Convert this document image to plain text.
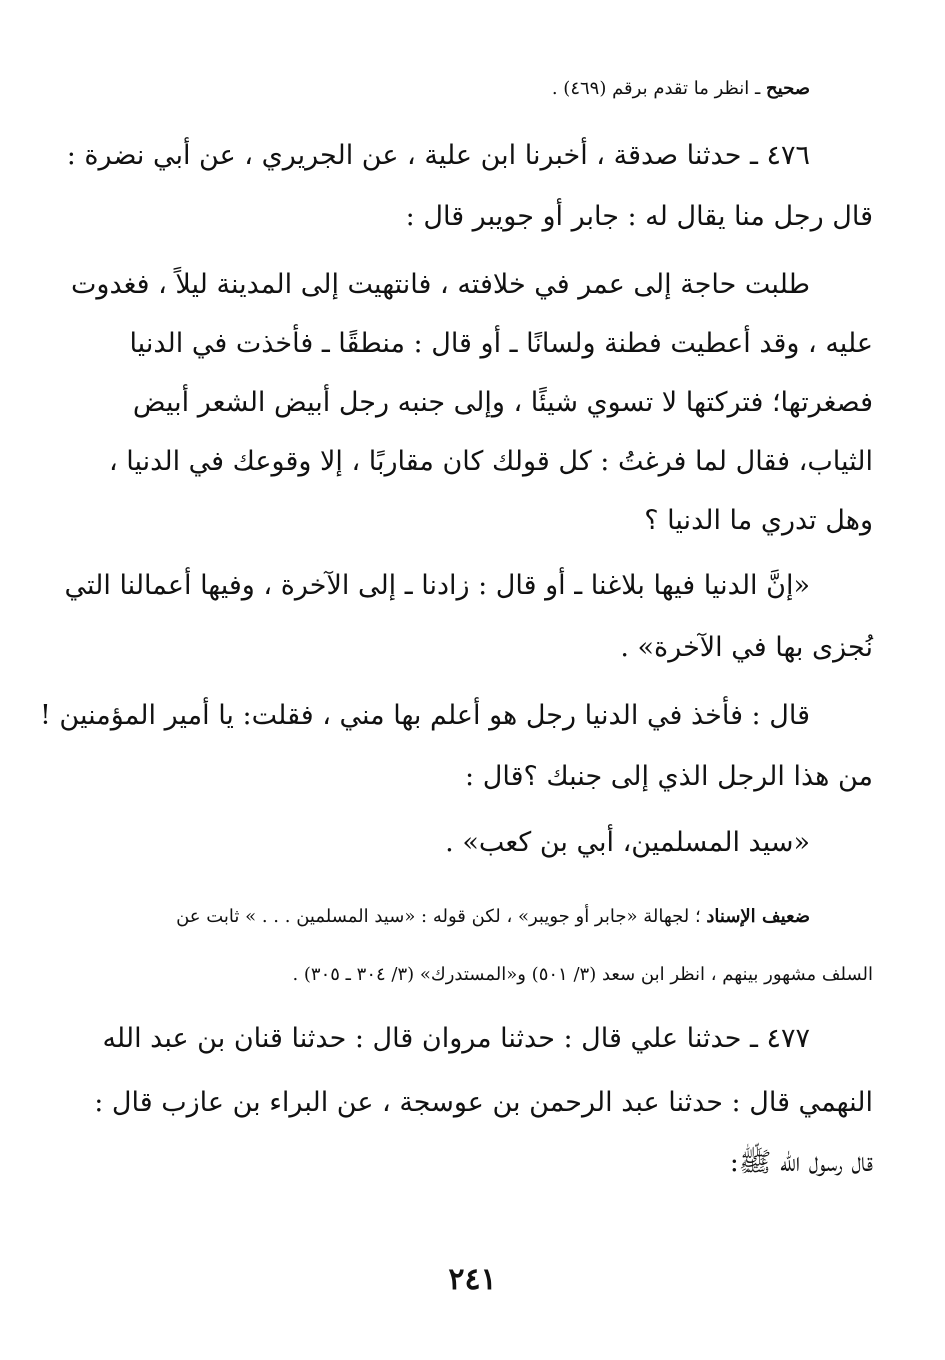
صحيح ـ انظر ما تقدم برقم (٤٦٩) .
٤٧٦ ـ حدثنا صدقة ، أخبرنا ابن علية ، عن الجريري ، عن أبي نضرة :
قال رجل منا يقال له : جابر أو جويبر قال :
طلبت حاجة إلى عمر في خلافته ، فانتهيت إلى المدينة ليلاً ، فغدوت
عليه ، وقد أعطيت فطنة ولسانًا ـ أو قال : منطقًا ـ فأخذت في الدنيا
فصغرتها؛ فتركتها لا تسوي شيئًا ، وإلى جنبه رجل أبيض الشعر أبيض
الثياب، فقال لما فرغتُ : كل قولك كان مقاربًا ، إلا وقوعك في الدنيا ،
وهل تدري ما الدنيا ؟
«إنَّ الدنيا فيها بلاغنا ـ أو قال : زادنا ـ إلى الآخرة ، وفيها أعمالنا التي
نُجزى بها في الآخرة» .
قال : فأخذ في الدنيا رجل هو أعلم بها مني ، فقلت: يا أمير المؤمنين !
من هذا الرجل الذي إلى جنبك ؟قال :
«سيد المسلمين، أبي بن كعب» .
ضعيف الإسناد ؛ لجهالة «جابر أو جويبر» ، لكن قوله : «سيد المسلمين . . . » ثابت عن
السلف مشهور بينهم ، انظر ابن سعد (٣/ ٥٠١) و«المستدرك» (٣/ ٣٠٤ ـ ٣٠٥) .
٤٧٧ ـ حدثنا علي قال : حدثنا مروان قال : حدثنا قنان بن عبد الله
النهمي قال : حدثنا عبد الرحمن بن عوسجة ، عن البراء بن عازب قال :
قال رسول الله ﷺ:
٢٤١
